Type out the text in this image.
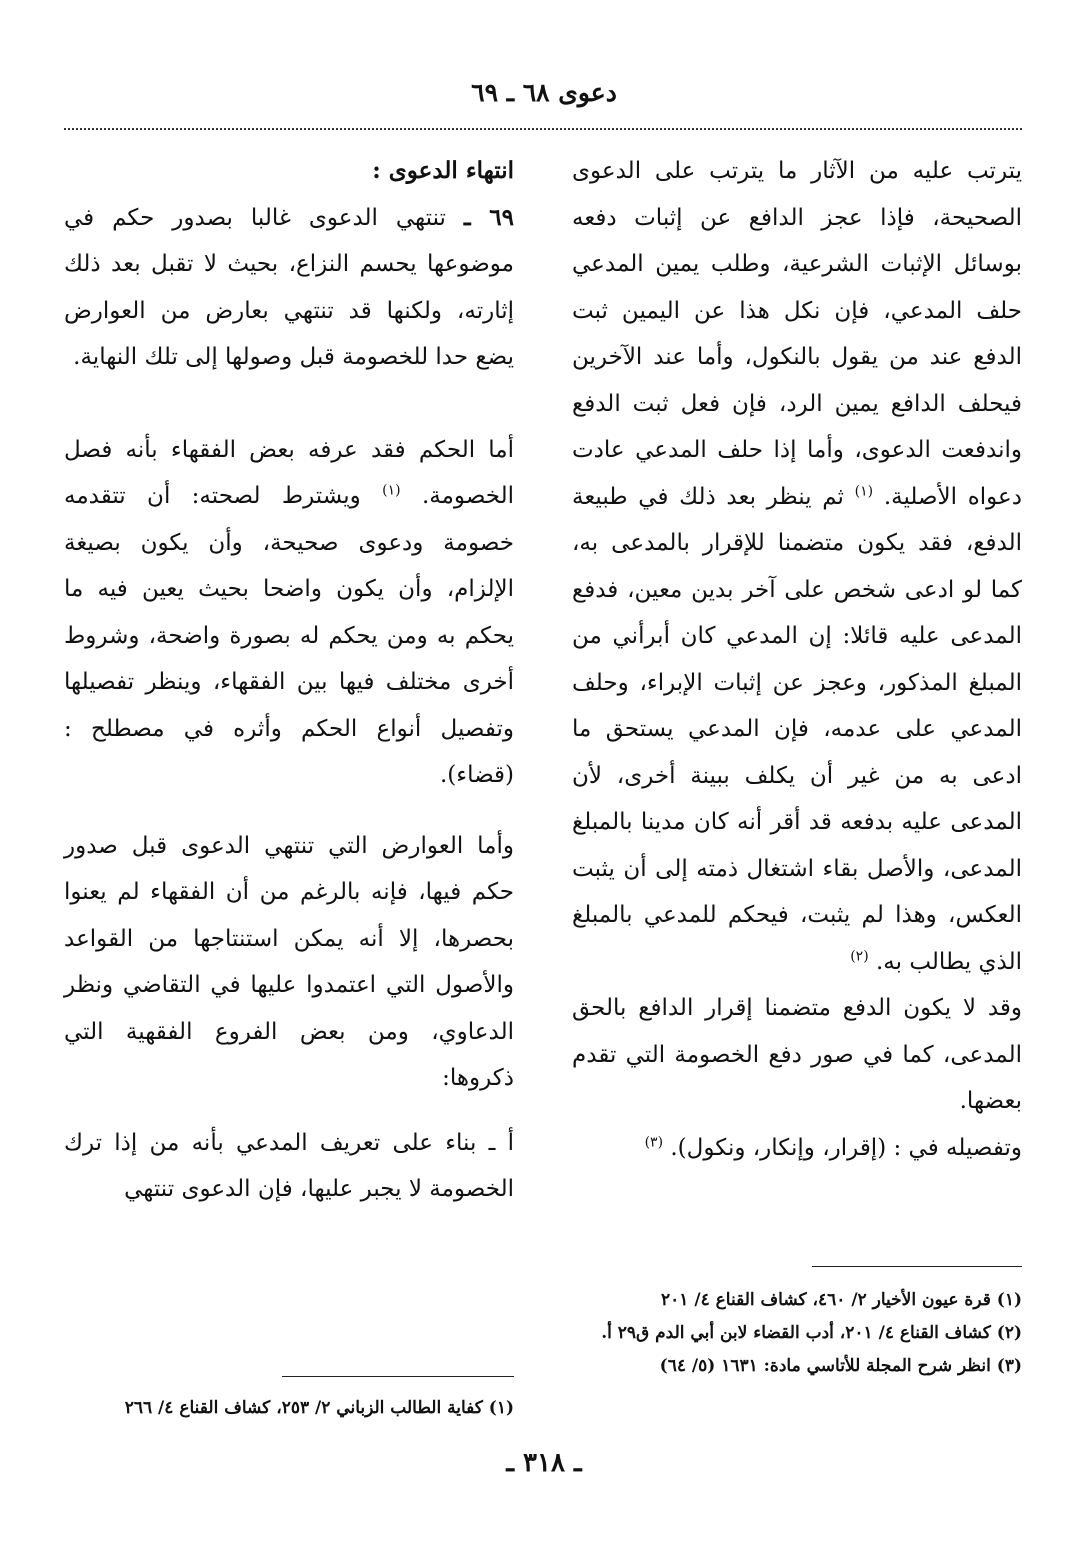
دعوى ٦٨ ـ ٦٩

يترتب عليه من الآثار ما يترتب على الدعوى الصحيحة، فإذا عجز الدافع عن إثبات دفعه بوسائل الإثبات الشرعية، وطلب يمين المدعي حلف المدعي، فإن نكل هذا عن اليمين ثبت الدفع عند من يقول بالنكول، وأما عند الآخرين فيحلف الدافع يمين الرد، فإن فعل ثبت الدفع واندفعت الدعوى، وأما إذا حلف المدعي عادت دعواه الأصلية. $^{(١)}$ ثم ينظر بعد ذلك في طبيعة الدفع، فقد يكون متضمنا للإقرار بالمدعى به، كما لو ادعى شخص على آخر بدين معين، فدفع المدعى عليه قائلا: إن المدعي كان أبرأني من المبلغ المذكور، وعجز عن إثبات الإبراء، وحلف المدعي على عدمه، فإن المدعي يستحق ما ادعى به من غير أن يكلف ببينة أخرى، لأن المدعى عليه بدفعه قد أقر أنه كان مدينا بالمبلغ المدعى، والأصل بقاء اشتغال ذمته إلى أن يثبت العكس، وهذا لم يثبت، فيحكم للمدعي بالمبلغ الذي يطالب به. $^{(٢)}$

وقد لا يكون الدفع متضمنا إقرار الدافع بالحق المدعى، كما في صور دفع الخصومة التي تقدم بعضها.

وتفصيله في : (إقرار، وإنكار، ونكول). $^{(٣)}$

انتهاء الدعوى :

٦٩ ـ تنتهي الدعوى غالبا بصدور حكم في موضوعها يحسم النزاع، بحيث لا تقبل بعد ذلك إثارته، ولكنها قد تنتهي بعارض من العوارض يضع حدا للخصومة قبل وصولها إلى تلك النهاية.

أما الحكم فقد عرفه بعض الفقهاء بأنه فصل الخصومة. $^{(١)}$ ويشترط لصحته: أن تتقدمه خصومة ودعوى صحيحة، وأن يكون بصيغة الإلزام، وأن يكون واضحا بحيث يعين فيه ما يحكم به ومن يحكم له بصورة واضحة، وشروط أخرى مختلف فيها بين الفقهاء، وينظر تفصيلها وتفصيل أنواع الحكم وأثره في مصطلح : (قضاء).

وأما العوارض التي تنتهي الدعوى قبل صدور حكم فيها، فإنه بالرغم من أن الفقهاء لم يعنوا بحصرها، إلا أنه يمكن استنتاجها من القواعد والأصول التي اعتمدوا عليها في التقاضي ونظر الدعاوي، ومن بعض الفروع الفقهية التي ذكروها:

أ ـ بناء على تعريف المدعي بأنه من إذا ترك الخصومة لا يجبر عليها، فإن الدعوى تنتهي

(١) قرة عيون الأخيار ٢/ ٤٦٠، كشاف القناع ٤/ ٢٠١
(٢) كشاف القناع ٤/ ٢٠١، أدب القضاء لابن أبي الدم ق٢٩ أ.
(٣) انظر شرح المجلة للأتاسي مادة: ١٦٣١ (٥/ ٦٤)
(١) كفاية الطالب الزباني ٢/ ٢٥٣، كشاف القناع ٤/ ٢٦٦
ـ ٣١٨ ـ
